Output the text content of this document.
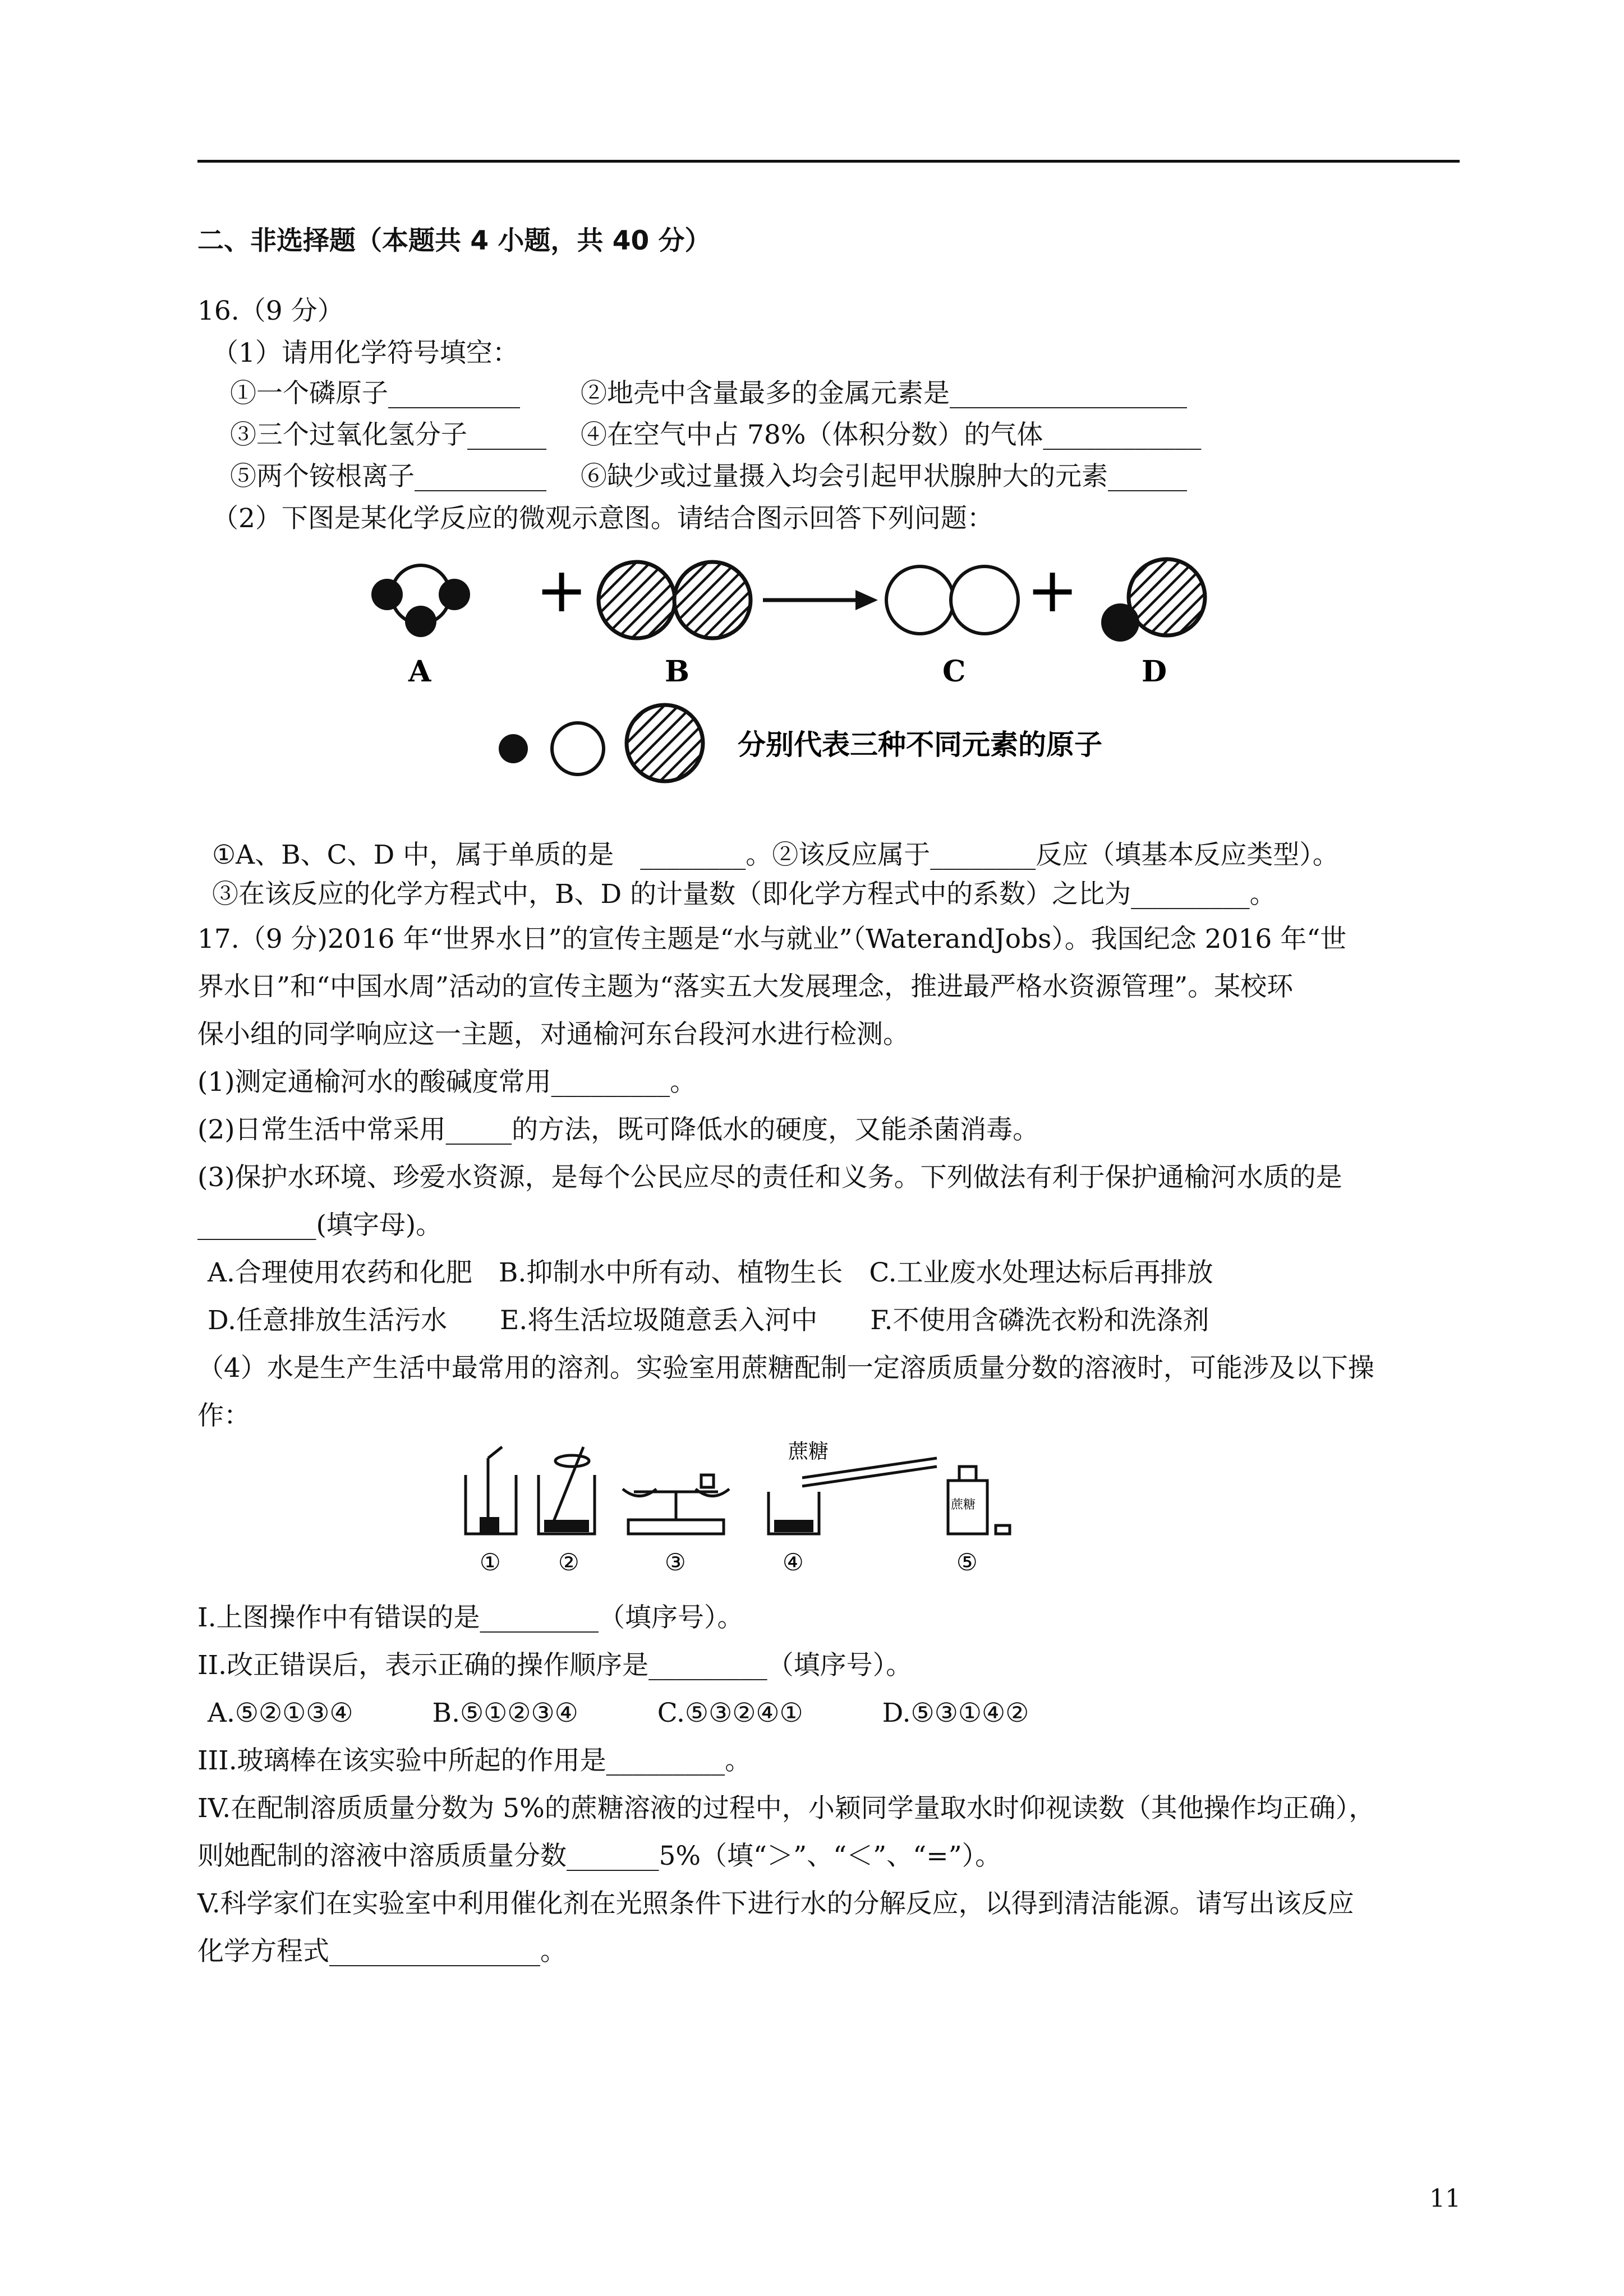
二、非选择题（本题共 4 小题，共 40 分）
16.（9 分）
（1）请用化学符号填空：
①一个磷原子__________ ②地壳中含量最多的金属元素是__________________
③三个过氧化氢分子______ ④在空气中占 78%（体积分数）的气体____________
⑤两个铵根离子__________ ⑥缺少或过量摄入均会引起甲状腺肿大的元素______
（2）下图是某化学反应的微观示意图。请结合图示回答下列问题：
+	+
A	B	C	D
分别代表三种不同元素的原子
①A、B、C、D 中，属于单质的是　________。②该反应属于________反应（填基本反应类型）。
③在该反应的化学方程式中，B、D 的计量数（即化学方程式中的系数）之比为_________。
17.（9 分)2016 年“世界水日”的宣传主题是“水与就业”（WaterandJobs）。我国纪念 2016 年“世
界水日”和“中国水周”活动的宣传主题为“落实五大发展理念，推进最严格水资源管理”。某校环
保小组的同学响应这一主题，对通榆河东台段河水进行检测。
(1)测定通榆河水的酸碱度常用_________。
(2)日常生活中常采用_____的方法，既可降低水的硬度，又能杀菌消毒。
(3)保护水环境、珍爱水资源，是每个公民应尽的责任和义务。下列做法有利于保护通榆河水质的是
_________(填字母)。
A.合理使用农药和化肥　B.抑制水中所有动、植物生长　C.工业废水处理达标后再排放
D.任意排放生活污水　　E.将生活垃圾随意丢入河中　　F.不使用含磷洗衣粉和洗涤剂
（4）水是生产生活中最常用的溶剂。实验室用蔗糖配制一定溶质质量分数的溶液时，可能涉及以下操
作：
蔗糖
蔗糖
① ②	③	④	⑤
I.上图操作中有错误的是_________（填序号）。
II.改正错误后，表示正确的操作顺序是_________（填序号）。
A.⑤②①③④　　　B.⑤①②③④　　　C.⑤③②④①　　　D.⑤③①④②
III.玻璃棒在该实验中所起的作用是_________。
IV.在配制溶质质量分数为 5%的蔗糖溶液的过程中，小颖同学量取水时仰视读数（其他操作均正确），
则她配制的溶液中溶质质量分数_______5%（填“＞”、“＜”、“=”）。
V.科学家们在实验室中利用催化剂在光照条件下进行水的分解反应，以得到清洁能源。请写出该反应
化学方程式________________。
11
